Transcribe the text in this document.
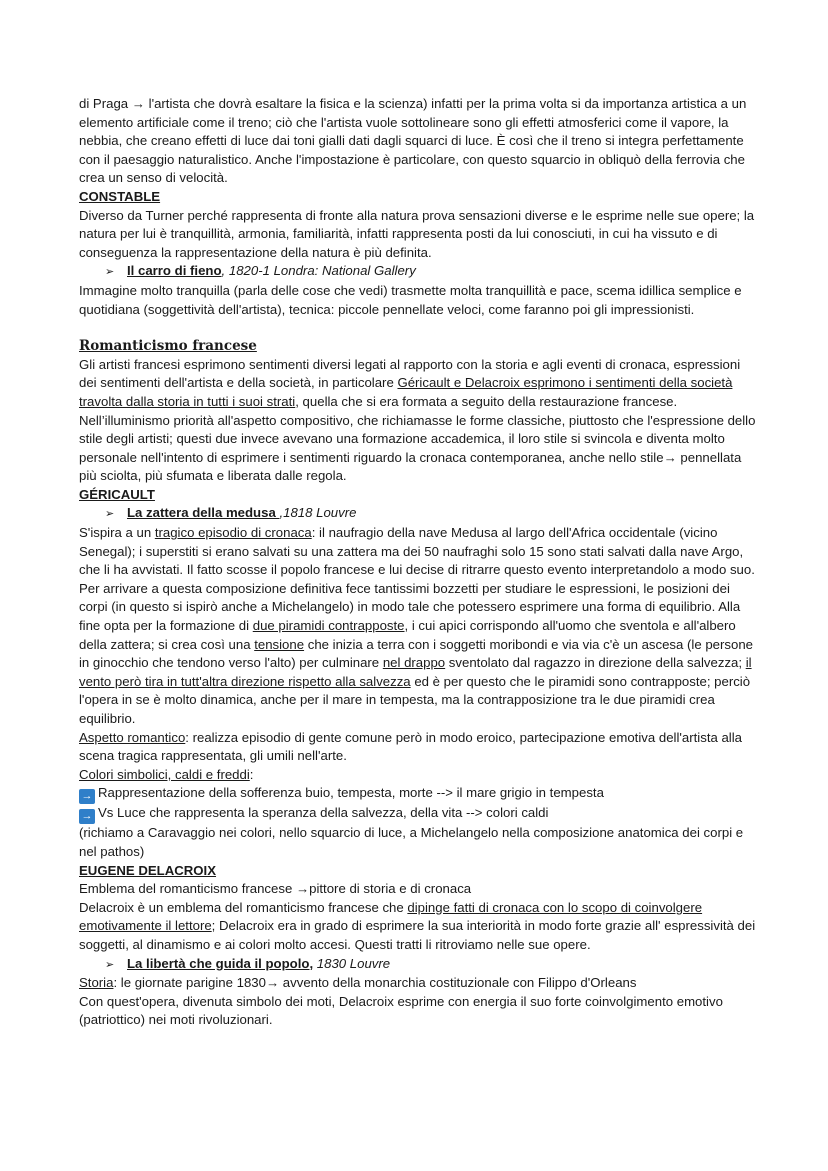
di Praga → l'artista che dovrà esaltare la fisica e la scienza) infatti per la prima volta si da importanza artistica a un elemento artificiale come il treno; ciò che l'artista vuole sottolineare sono gli effetti atmosferici come il vapore, la nebbia, che creano effetti di luce dai toni gialli dati dagli squarci di luce. È così che il treno si integra perfettamente con il paesaggio naturalistico. Anche l'impostazione è particolare, con questo squarcio in obliquò della ferrovia che crea un senso di velocità.

CONSTABLE

Diverso da Turner perché rappresenta di fronte alla natura prova sensazioni diverse e le esprime nelle sue opere; la natura per lui è tranquillità, armonia, familiarità, infatti rappresenta posti da lui conosciuti, in cui ha vissuto e di conseguenza la rappresentazione della natura è più definita.

➢ Il carro di fieno, 1820-1 Londra: National Gallery

Immagine molto tranquilla (parla delle cose che vedi) trasmette molta tranquillità e pace, scema idillica semplice e quotidiana (soggettività dell'artista), tecnica: piccole pennellate veloci, come faranno poi gli impressionisti.

Romanticismo francese

Gli artisti francesi esprimono sentimenti diversi legati al rapporto con la storia e agli eventi di cronaca, espressioni dei sentimenti dell'artista e della società, in particolare Géricault e Delacroix esprimono i sentimenti della società travolta dalla storia in tutti i suoi strati, quella che si era formata a seguito della restaurazione francese.

Nell’illuminismo priorità all'aspetto compositivo, che richiamasse le forme classiche, piuttosto che l'espressione dello stile degli artisti; questi due invece avevano una formazione accademica, il loro stile si svincola e diventa molto personale nell'intento di esprimere i sentimenti riguardo la cronaca contemporanea, anche nello stile→ pennellata più sciolta, più sfumata e liberata dalle regola.

GÉRICAULT

➢ La zattera della medusa ,1818 Louvre

S'ispira a un tragico episodio di cronaca: il naufragio della nave Medusa al largo dell'Africa occidentale (vicino Senegal); i superstiti si erano salvati su una zattera ma dei 50 naufraghi solo 15 sono stati salvati dalla nave Argo, che li ha avvistati. Il fatto scosse il popolo francese e lui decise di ritrarre questo evento interpretandolo a modo suo.

Per arrivare a questa composizione definitiva fece tantissimi bozzetti per studiare le espressioni, le posizioni dei corpi (in questo si ispirò anche a Michelangelo) in modo tale che potessero esprimere una forma di equilibrio. Alla fine opta per la formazione di due piramidi contrapposte, i cui apici corrispondo all'uomo che sventola e all'albero della zattera; si crea così una tensione che inizia a terra con i soggetti moribondi e via via c'è un ascesa (le persone in ginocchio che tendono verso l'alto) per culminare nel drappo sventolato dal ragazzo in direzione della salvezza; il vento però tira in tutt'altra direzione rispetto alla salvezza ed è per questo che le piramidi sono contrapposte; perciò l'opera in se è molto dinamica, anche per il mare in tempesta, ma la contrapposizione tra le due piramidi crea equilibrio.

Aspetto romantico: realizza episodio di gente comune però in modo eroico, partecipazione emotiva dell'artista alla scena tragica rappresentata, gli umili nell'arte.

Colori simbolici, caldi e freddi:

→ Rappresentazione della sofferenza buio, tempesta, morte --> il mare grigio in tempesta

→ Vs Luce che rappresenta la speranza della salvezza, della vita --> colori caldi

(richiamo a Caravaggio nei colori, nello squarcio di luce, a Michelangelo nella composizione anatomica dei corpi e nel pathos)

EUGENE DELACROIX

Emblema del romanticismo francese →pittore di storia e di cronaca

Delacroix è un emblema del romanticismo francese che dipinge fatti di cronaca con lo scopo di coinvolgere emotivamente il lettore; Delacroix era in grado di esprimere la sua interiorità in modo forte grazie all' espressività dei soggetti, al dinamismo e ai colori molto accesi. Questi tratti li ritroviamo nelle sue opere.

➢ La libertà che guida il popolo, 1830 Louvre

Storia: le giornate parigine 1830→ avvento della monarchia costituzionale con Filippo d'Orleans

Con quest'opera, divenuta simbolo dei moti, Delacroix esprime con energia il suo forte coinvolgimento emotivo (patriottico) nei moti rivoluzionari.
